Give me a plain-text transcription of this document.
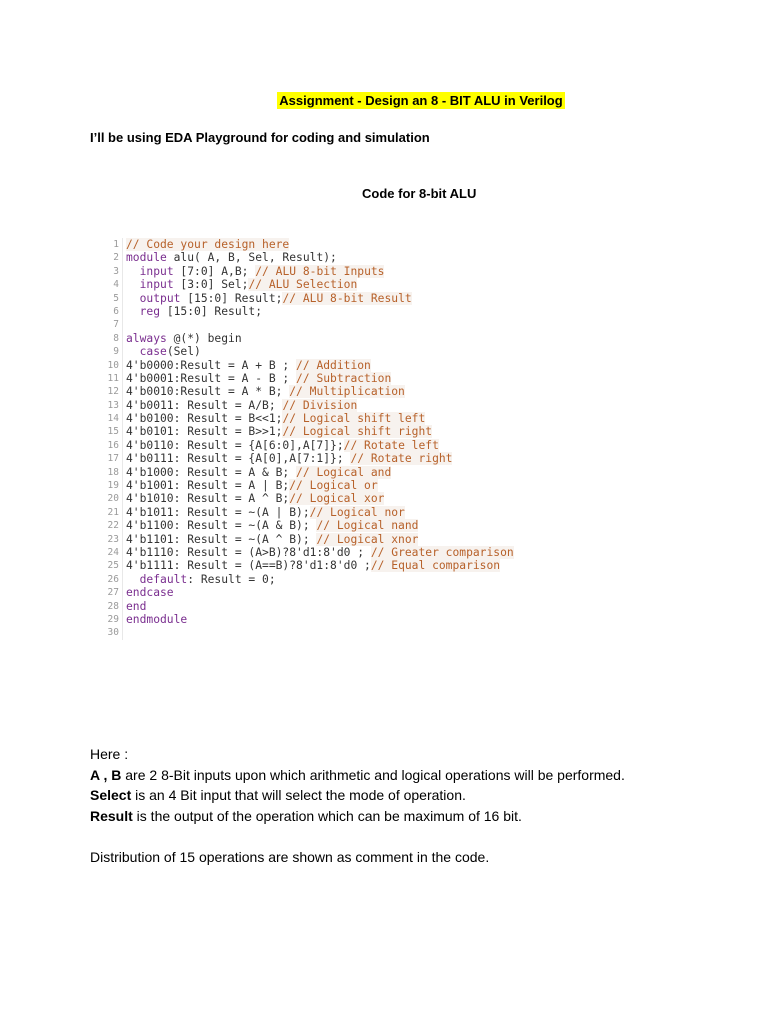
Assignment - Design an 8 - BIT ALU in Verilog
I’ll be using EDA Playground for coding and simulation
Code for 8-bit ALU
1 // Code your design here
2 module alu( A, B, Sel, Result);
3	input [7:0] A,B; // ALU 8-bit Inputs
4	input [3:0] Sel;// ALU Selection
5	output [15:0] Result;// ALU 8-bit Result
6	reg [15:0] Result;
7
8 always @(*) begin
9	case(Sel)
10 4'b0000:Result = A + B ; // Addition
11 4'b0001:Result = A - B ; // Subtraction
12 4'b0010:Result = A * B; // Multiplication
13 4'b0011: Result = A/B; // Division
14 4'b0100: Result = B<<1;// Logical shift left
15 4'b0101: Result = B>>1;// Logical shift right
16 4'b0110: Result = {A[6:0],A[7]};// Rotate left
17 4'b0111: Result = {A[0],A[7:1]}; // Rotate right
18 4'b1000: Result = A & B; // Logical and
19 4'b1001: Result = A | B;// Logical or
20 4'b1010: Result = A ^ B;// Logical xor
21 4'b1011: Result = ~(A | B);// Logical nor
22 4'b1100: Result = ~(A & B); // Logical nand
23 4'b1101: Result = ~(A ^ B); // Logical xnor
24 4'b1110: Result = (A>B)?8'd1:8'd0 ; // Greater comparison
25 4'b1111: Result = (A==B)?8'd1:8'd0 ;// Equal comparison
26	default: Result = 0;
27 endcase
28 end
29 endmodule
30

Here :

A , B are 2 8-Bit inputs upon which arithmetic and logical operations will be performed.

Select is an 4 Bit input that will select the mode of operation.

Result is the output of the operation which can be maximum of 16 bit.

Distribution of 15 operations are shown as comment in the code.
